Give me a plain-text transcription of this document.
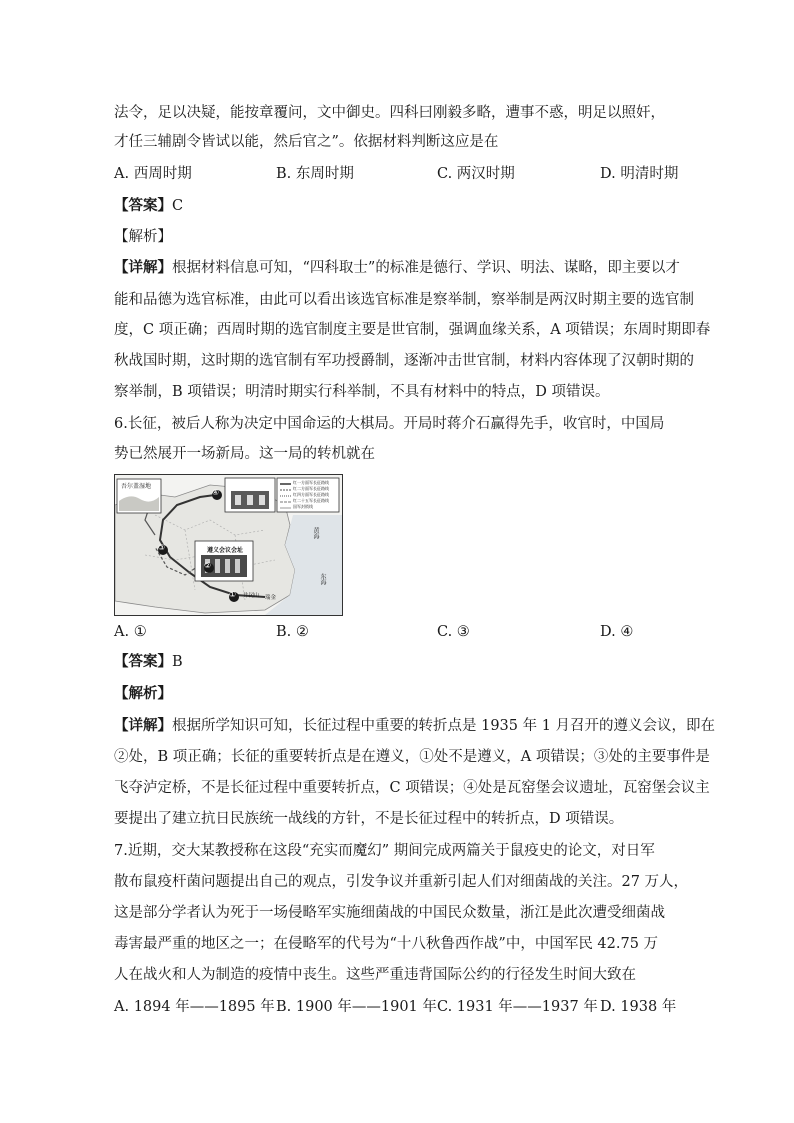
法令，足以决疑，能按章覆问，文中御史。四科曰刚毅多略，遭事不惑，明足以照奸，
才任三辅剧令皆试以能，然后官之”。依据材料判断这应是在
A. 西周时期	B. 东周时期	C. 两汉时期	D. 明清时期
【答案】C
【解析】
【详解】根据材料信息可知，“四科取士”的标准是德行、学识、明法、谋略，即主要以才
能和品德为选官标准，由此可以看出该选官标准是察举制，察举制是两汉时期主要的选官制
度，C 项正确；西周时期的选官制度主要是世官制，强调血缘关系，A 项错误；东周时期即春
秋战国时期，这时期的选官制有军功授爵制，逐渐冲击世官制，材料内容体现了汉朝时期的
察举制，B 项错误；明清时期实行科举制，不具有材料中的特点，D 项错误。
6.长征，被后人称为决定中国命运的大棋局。开局时蒋介石赢得先手，收官时，中国局
势已然展开一场新局。这一局的转机就在
吾尔盖湿地
遵义会议会址
井冈山 瑞金
黄海
东海
①
②
③
④
红一方面军长征路线
红二方面军长征路线
红四方面军长征路线
红二十五军长征路线
国军封锁线
A. ①	B. ②	C. ③	D. ④
【答案】B
【解析】
【详解】根据所学知识可知，长征过程中重要的转折点是 1935 年 1 月召开的遵义会议，即在
②处，B 项正确；长征的重要转折点是在遵义，①处不是遵义，A 项错误；③处的主要事件是
飞夺泸定桥，不是长征过程中重要转折点，C 项错误；④处是瓦窑堡会议遗址，瓦窑堡会议主
要提出了建立抗日民族统一战线的方针，不是长征过程中的转折点，D 项错误。
7.近期，交大某教授称在这段“充实而魔幻” 期间完成两篇关于鼠疫史的论文，对日军
散布鼠疫杆菌问题提出自己的观点，引发争议并重新引起人们对细菌战的关注。27 万人，
这是部分学者认为死于一场侵略军实施细菌战的中国民众数量，浙江是此次遭受细菌战
毒害最严重的地区之一；在侵略军的代号为“十八秋鲁西作战”中，中国军民 42.75 万
人在战火和人为制造的疫情中丧生。这些严重违背国际公约的行径发生时间大致在
A. 1894 年——1895 年 B. 1900 年——1901 年 C. 1931 年——1937 年 D. 1938 年
